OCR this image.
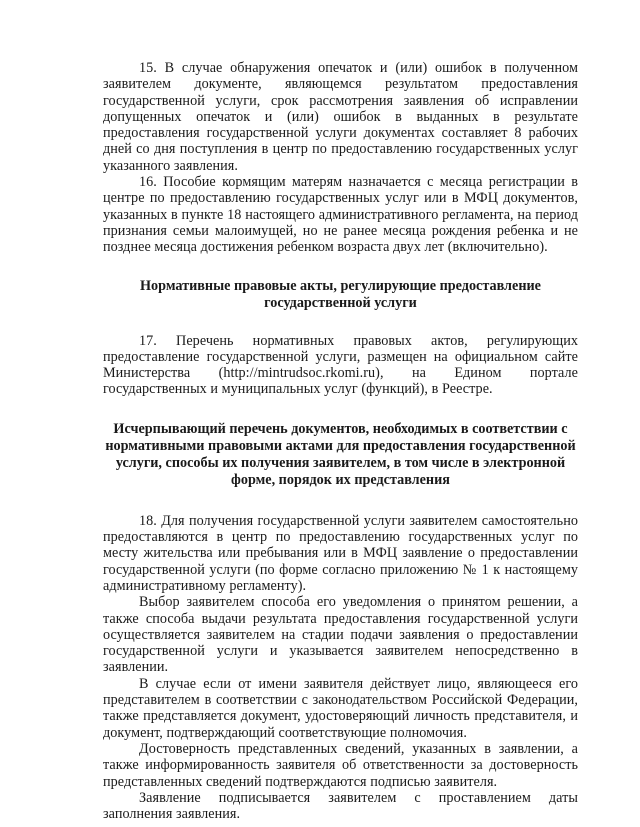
15. В случае обнаружения опечаток и (или) ошибок в полученном заявителем документе, являющемся результатом предоставления государственной услуги, срок рассмотрения заявления об исправлении допущенных опечаток и (или) ошибок в выданных в результате предоставления государственной услуги документах составляет 8 рабочих дней со дня поступления в центр по предоставлению государственных услуг указанного заявления.

16. Пособие кормящим матерям назначается с месяца регистрации в центре по предоставлению государственных услуг или в МФЦ документов, указанных в пункте 18 настоящего административного регламента, на период признания семьи малоимущей, но не ранее месяца рождения ребенка и не позднее месяца достижения ребенком возраста двух лет (включительно).

Нормативные правовые акты, регулирующие предоставление государственной услуги

17. Перечень нормативных правовых актов, регулирующих предоставление государственной услуги, размещен на официальном сайте Министерства (http://mintrudsoc.rkomi.ru), на Едином портале государственных и муниципальных услуг (функций), в Реестре.

Исчерпывающий перечень документов, необходимых в соответствии с нормативными правовыми актами для предоставления государственной услуги, способы их получения заявителем, в том числе в электронной форме, порядок их представления

18. Для получения государственной услуги заявителем самостоятельно предоставляются в центр по предоставлению государственных услуг по месту жительства или пребывания или в МФЦ заявление о предоставлении государственной услуги (по форме согласно приложению № 1 к настоящему административному регламенту).

Выбор заявителем способа его уведомления о принятом решении, а также способа выдачи результата предоставления государственной услуги осуществляется заявителем на стадии подачи заявления о предоставлении государственной услуги и указывается заявителем непосредственно в заявлении.

В случае если от имени заявителя действует лицо, являющееся его представителем в соответствии с законодательством Российской Федерации, также представляется документ, удостоверяющий личность представителя, и документ, подтверждающий соответствующие полномочия.

Достоверность представленных сведений, указанных в заявлении, а также информированность заявителя об ответственности за достоверность представленных сведений подтверждаются подписью заявителя.

Заявление подписывается заявителем с проставлением даты заполнения заявления.
